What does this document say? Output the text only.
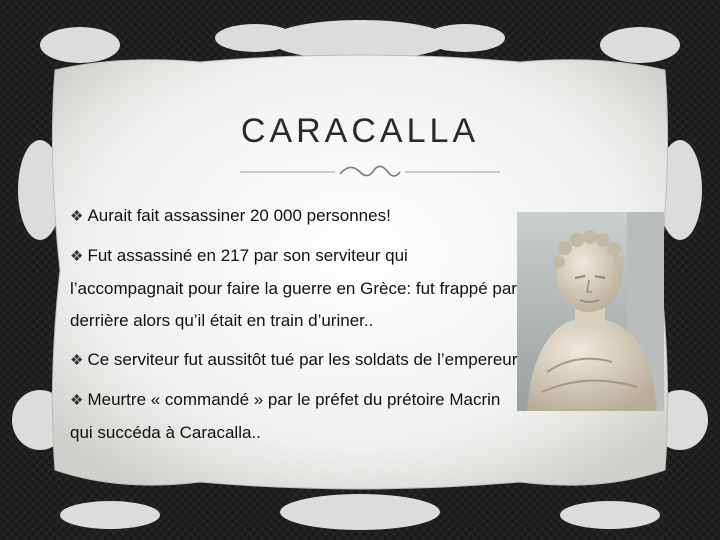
CARACALLA
❖ Aurait fait assassiner 20 000 personnes!
❖ Fut assassiné en 217 par son serviteur qui l’accompagnait pour faire la guerre en Grèce: fut frappé par derrière alors qu’il était en train d’uriner..
❖ Ce serviteur fut aussitôt tué par les soldats de l’empereur
❖ Meurtre « commandé » par le préfet du prétoire Macrin qui succéda à Caracalla..
